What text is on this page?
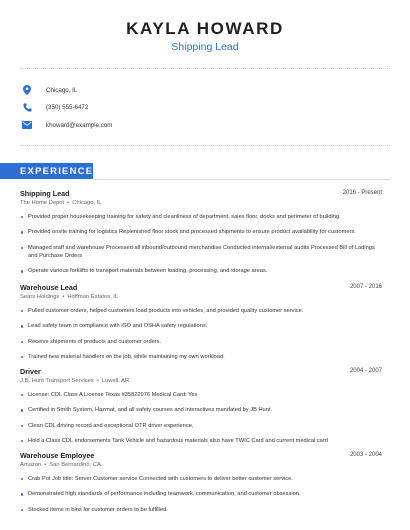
KAYLA HOWARD
Shipping Lead
Chicago, IL
(350) 555-6472
khoward@example.com
EXPERIENCE
Shipping Lead	2016 - Present
The Home Depot • Chicago, IL
Provided proper housekeeping training for safety and cleanliness of department, sales floor, docks and perimeter of building.
Provided onsite training for logistics Replenished floor stock and processed shipments to ensure product availability for customers.
Managed staff and warehouse Processed all inbound/outbound merchandise Conducted internal/external audits Processed Bill of Ladings and Purchase Orders
Operate various forklifts to transport materials between loading, processing, and storage areas.
Warehouse Lead	2007 - 2016
Sears Holdings • Hoffman Estates, IL
Pulled customer orders, helped customers load products into vehicles, and provided quality customer service.
Lead safety team in compliance with ISO and OSHA safety regulations.
Receive shipments of products and customer orders.
Trained new material handlers on the job, while maintaining my own workload.
Driver	2004 - 2007
J.B. Hunt Transport Services • Lowell, AR
License: CDL Class A License Texas #35822976 Medical Card: Yes
Certified in Smith System, Hazmat, and all safety courses and interactives mandated by JB Hunt.
Clean CDL driving record and exceptional OTR driver experience,
Hold a Class CDL endorsements Tank Vehicle and hazardous materials also have TWIC Card and current medical card
Warehouse Employee	2003 - 2004
Amazon • San Bernardino, CA
Crab Pot Job title: Server Customer service Connected with customers to deliver better customer service.
Demonstrated high standards of performance including teamwork, communication, and customer obsession.
Stocked items in bins for customer orders to be fulfilled.
